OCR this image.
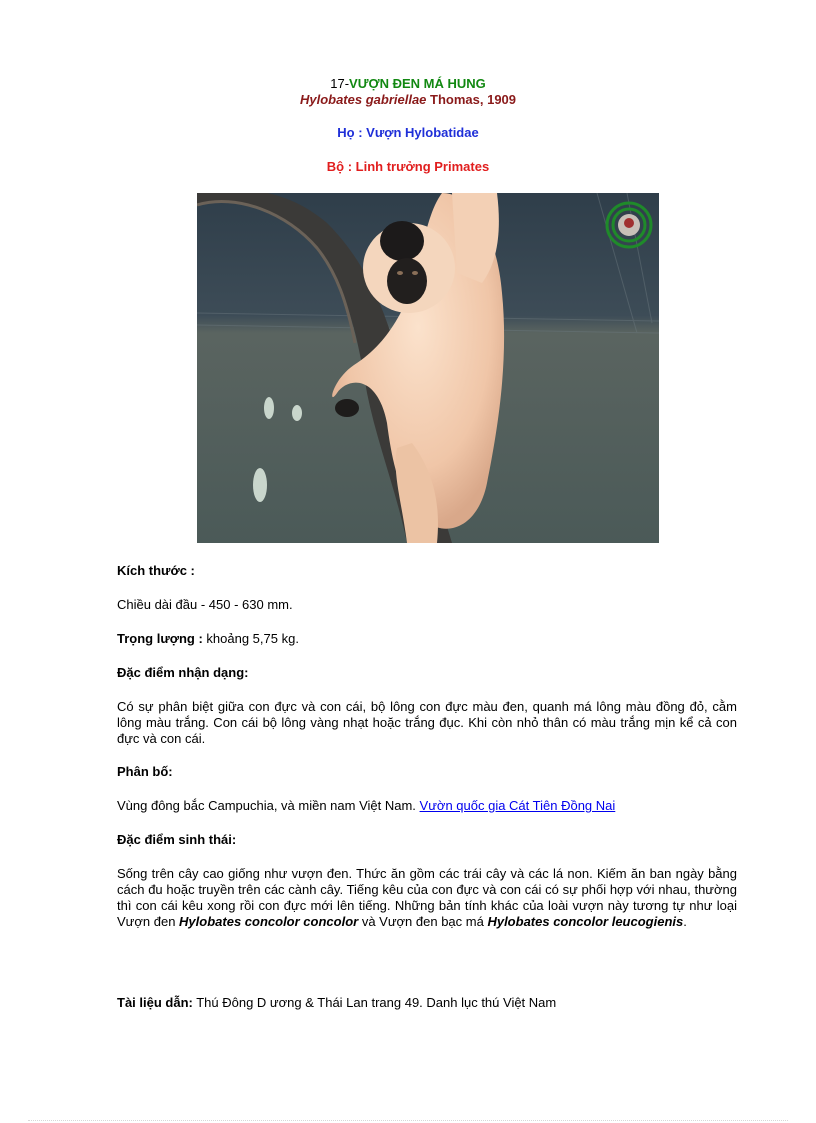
17-VƯỢN ĐEN MÁ HUNG
Hylobates gabriellae Thomas, 1909
Họ : Vượn Hylobatidae
Bộ : Linh trưởng Primates
Kích thước :
Chiều dài đầu - 450 - 630 mm.
Trọng lượng : khoảng 5,75 kg.
Đặc điểm nhận dạng:
Có sự phân biệt giữa con đực và con cái, bộ lông con đực màu đen, quanh má lông màu đồng đỏ, cằm lông màu trắng. Con cái bộ lông vàng nhạt hoặc trắng đục. Khi còn nhỏ thân có màu trắng mịn kể cả con đực và con cái.
Phân bố:
Vùng đông bắc Campuchia, và miền nam Việt Nam. Vườn quốc gia Cát Tiên Đồng Nai
Đặc điểm sinh thái:
Sống trên cây cao giống như vượn đen. Thức ăn gồm các trái cây và các lá non. Kiếm ăn ban ngày bằng cách đu hoặc truyền trên các cành cây. Tiếng kêu của con đực và con cái có sự phối hợp với nhau, thường thì con cái kêu xong rồi con đực mới lên tiếng. Những bản tính khác của loài vượn này tương tự như loại Vượn đen Hylobates concolor concolor và Vượn đen bạc má Hylobates concolor leucogienis.
Tài liệu dẫn: Thú Đông D ương & Thái Lan trang 49. Danh lục thú Việt Nam
